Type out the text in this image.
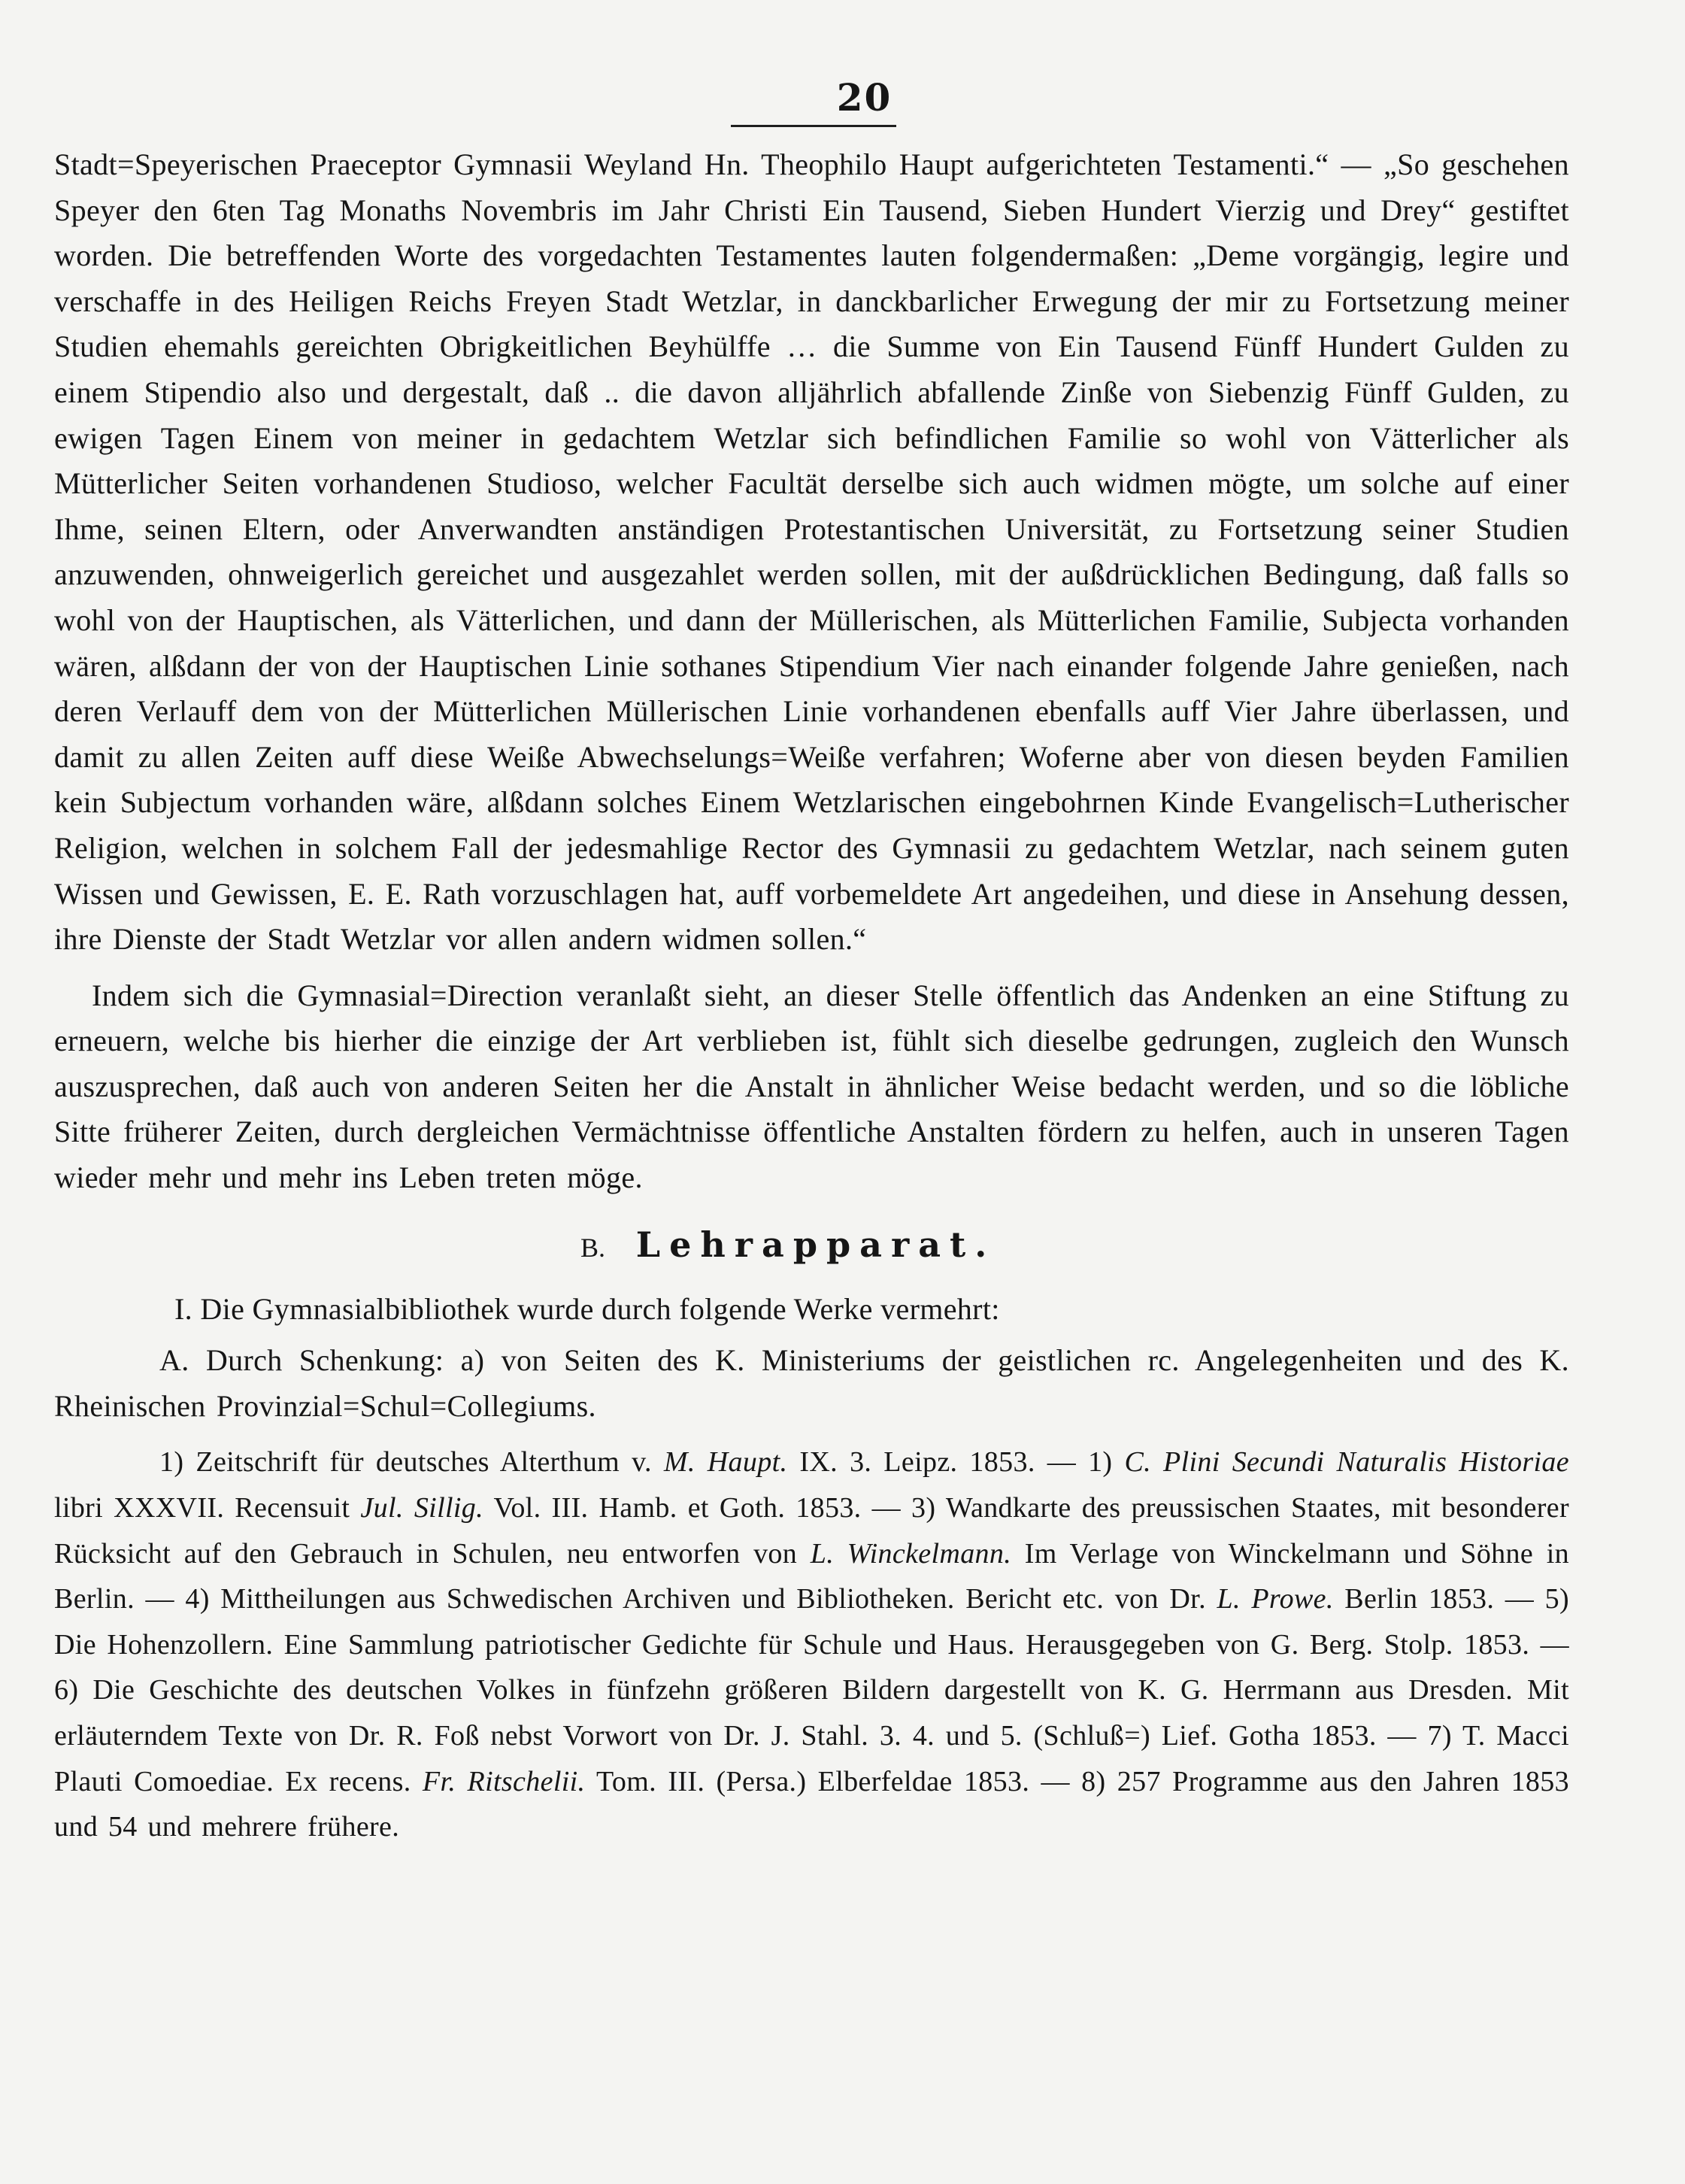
20

Stadt=Speyerischen Praeceptor Gymnasii Weyland Hn. Theophilo Haupt aufgerichteten Testamenti.“ — „So geschehen Speyer den 6ten Tag Monaths Novembris im Jahr Christi Ein Tausend, Sieben Hundert Vierzig und Drey“ gestiftet worden. Die betreffenden Worte des vorgedachten Testamentes lauten folgendermaßen: „Deme vorgängig, legire und verschaffe in des Heiligen Reichs Freyen Stadt Wetzlar, in danckbarlicher Erwegung der mir zu Fortsetzung meiner Studien ehemahls gereichten Obrigkeitlichen Beyhülffe … die Summe von Ein Tausend Fünff Hundert Gulden zu einem Stipendio also und dergestalt, daß .. die davon alljährlich abfallende Zinße von Siebenzig Fünff Gulden, zu ewigen Tagen Einem von meiner in gedachtem Wetzlar sich befindlichen Familie so wohl von Vätterlicher als Mütterlicher Seiten vorhandenen Studioso, welcher Facultät derselbe sich auch widmen mögte, um solche auf einer Ihme, seinen Eltern, oder Anverwandten anständigen Protestantischen Universität, zu Fortsetzung seiner Studien anzuwenden, ohnweigerlich gereichet und ausgezahlet werden sollen, mit der außdrücklichen Bedingung, daß falls so wohl von der Hauptischen, als Vätterlichen, und dann der Müllerischen, als Mütterlichen Familie, Subjecta vorhanden wären, alßdann der von der Hauptischen Linie sothanes Stipendium Vier nach einander folgende Jahre genießen, nach deren Verlauff dem von der Mütterlichen Müllerischen Linie vorhandenen ebenfalls auff Vier Jahre überlassen, und damit zu allen Zeiten auff diese Weiße Abwechselungs=Weiße verfahren; Woferne aber von diesen beyden Familien kein Subjectum vorhanden wäre, alßdann solches Einem Wetzlarischen eingebohrnen Kinde Evangelisch=Lutherischer Religion, welchen in solchem Fall der jedesmahlige Rector des Gymnasii zu gedachtem Wetzlar, nach seinem guten Wissen und Gewissen, E. E. Rath vorzuschlagen hat, auff vorbemeldete Art angedeihen, und diese in Ansehung dessen, ihre Dienste der Stadt Wetzlar vor allen andern widmen sollen.“

Indem sich die Gymnasial=Direction veranlaßt sieht, an dieser Stelle öffentlich das Andenken an eine Stiftung zu erneuern, welche bis hierher die einzige der Art verblieben ist, fühlt sich dieselbe gedrungen, zugleich den Wunsch auszusprechen, daß auch von anderen Seiten her die Anstalt in ähnlicher Weise bedacht werden, und so die löbliche Sitte früherer Zeiten, durch dergleichen Vermächtnisse öffentliche Anstalten fördern zu helfen, auch in unseren Tagen wieder mehr und mehr ins Leben treten möge.

B. Lehrapparat.
I. Die Gymnasialbibliothek wurde durch folgende Werke vermehrt:

A. Durch Schenkung: a) von Seiten des K. Ministeriums der geistlichen rc. Angelegenheiten und des K. Rheinischen Provinzial=Schul=Collegiums.

1) Zeitschrift für deutsches Alterthum v. M. Haupt. IX. 3. Leipz. 1853. — 1) C. Plini Secundi Naturalis Historiae libri XXXVII. Recensuit Jul. Sillig. Vol. III. Hamb. et Goth. 1853. — 3) Wandkarte des preussischen Staates, mit besonderer Rücksicht auf den Gebrauch in Schulen, neu entworfen von L. Winckelmann. Im Verlage von Winckelmann und Söhne in Berlin. — 4) Mittheilungen aus Schwedischen Archiven und Bibliotheken. Bericht etc. von Dr. L. Prowe. Berlin 1853. — 5) Die Hohenzollern. Eine Sammlung patriotischer Gedichte für Schule und Haus. Herausgegeben von G. Berg. Stolp. 1853. — 6) Die Geschichte des deutschen Volkes in fünfzehn größeren Bildern dargestellt von K. G. Herrmann aus Dresden. Mit erläuterndem Texte von Dr. R. Foß nebst Vorwort von Dr. J. Stahl. 3. 4. und 5. (Schluß=) Lief. Gotha 1853. — 7) T. Macci Plauti Comoediae. Ex recens. Fr. Ritschelii. Tom. III. (Persa.) Elberfeldae 1853. — 8) 257 Programme aus den Jahren 1853 und 54 und mehrere frühere.
